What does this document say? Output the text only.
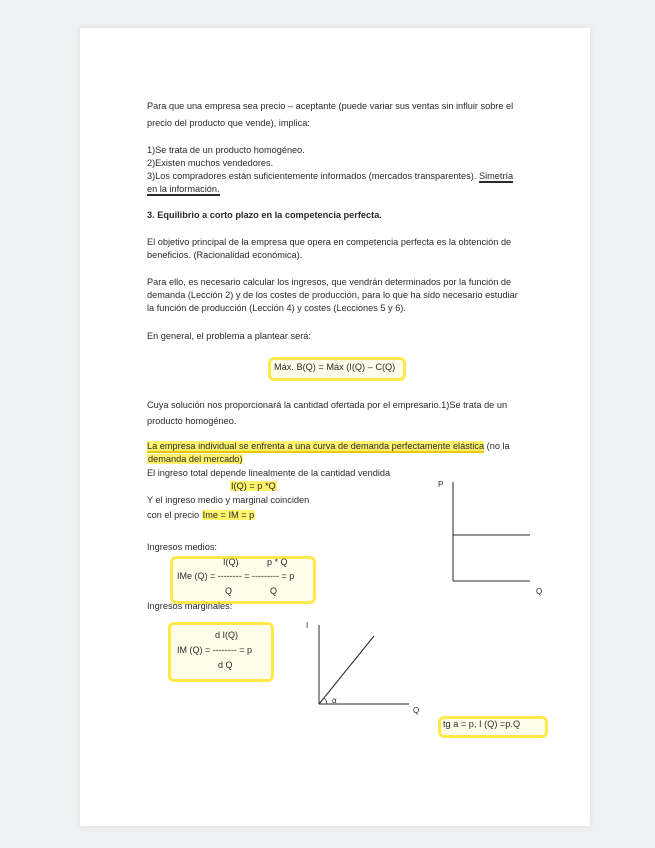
Para que una empresa sea precio – aceptante (puede variar sus ventas sin influir sobre el
precio del producto que vende), implica:
1)Se trata de un producto homogéneo.
2)Existen muchos vendedores.
3)Los compradores están suficientemente informados (mercados transparentes). Simetría
en la información.
3. Equilibrio a corto plazo en la competencia perfecta.
El objetivo principal de la empresa que opera en competencia perfecta es la obtención de
beneficios. (Racionalidad económica).
Para ello, es necesario calcular los ingresos, que vendrán determinados por la función de
demanda (Lección 2) y de los costes de producción, para lo que ha sido necesario estudiar
la función de producción (Lección 4) y costes (Lecciones 5 y 6).
En general, el problema a plantear será:
Máx. B(Q) = Máx (I(Q) – C(Q)
Cuya solución nos proporcionará la cantidad ofertada por el empresario.1)Se trata de un
producto homogéneo.
La empresa individual se enfrenta a una curva de demanda perfectamente elástica (no la
demanda del mercado)
El ingreso total depende linealmente de la cantidad vendida
I(Q) = p *Q
Y el ingreso medio y marginal coinciden
con el precio Ime = IM = p
Ingresos medios:
I(Q)	p * Q
IMe (Q) = -------- = --------- = p
Q	Q
Ingresos marginales:
d I(Q)
IM (Q) = -------- = p
d Q
P
Q
I
Q
α
tg a = p, I (Q) =p.Q
